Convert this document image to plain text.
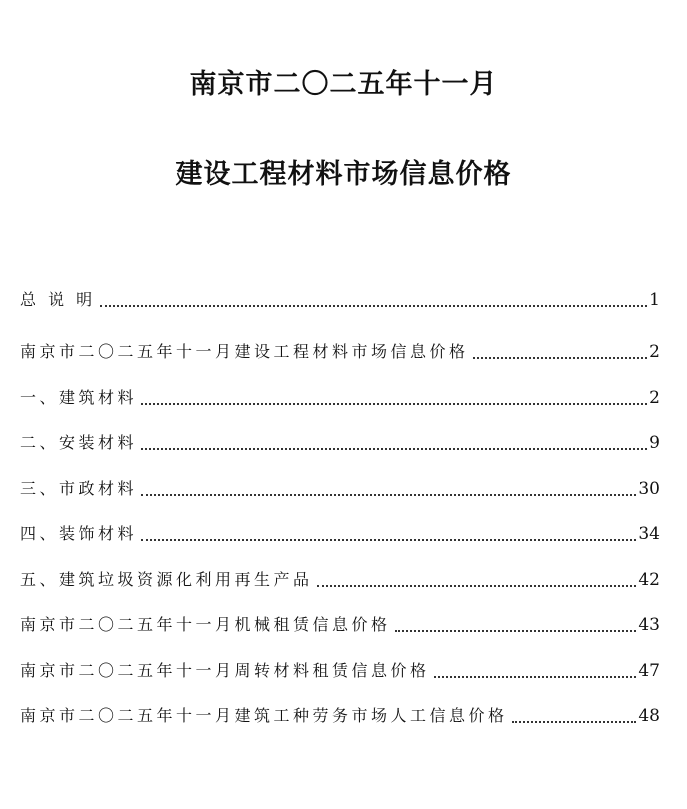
南京市二〇二五年十一月
建设工程材料市场信息价格
总 说 明	1
南京市二〇二五年十一月建设工程材料市场信息价格	2
一、建筑材料	2
二、安装材料	9
三、市政材料	30
四、装饰材料	34
五、建筑垃圾资源化利用再生产品	42
南京市二〇二五年十一月机械租赁信息价格	43
南京市二〇二五年十一月周转材料租赁信息价格	47
南京市二〇二五年十一月建筑工种劳务市场人工信息价格	48
